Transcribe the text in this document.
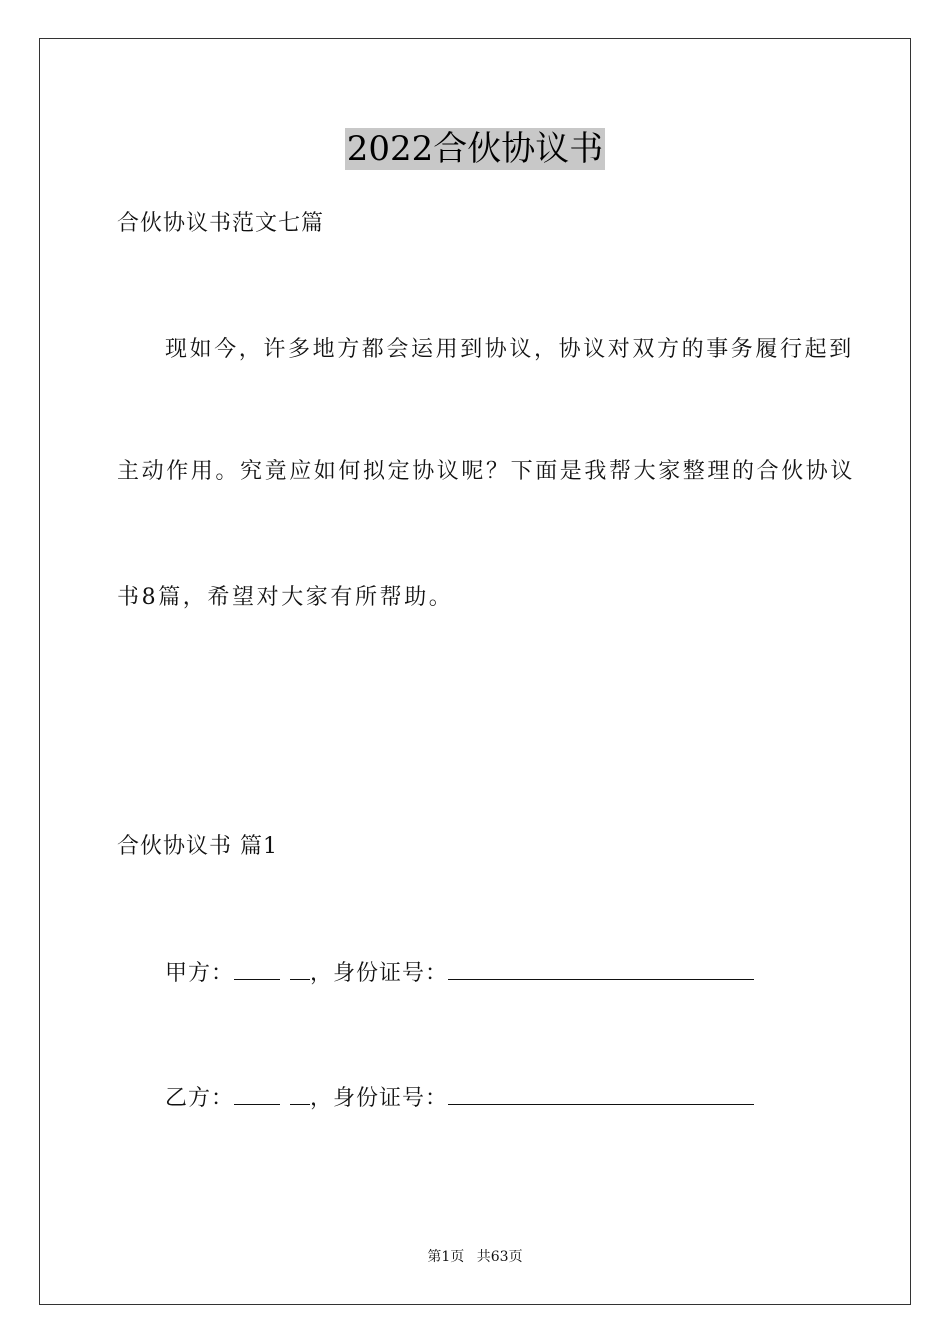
2022合伙协议书
合伙协议书范文七篇
现如今，许多地方都会运用到协议，协议对双方的事务履行起到
主动作用。究竟应如何拟定协议呢？下面是我帮大家整理的合伙协议
书8篇，希望对大家有所帮助。
合伙协议书 篇1
甲方：	，身份证号：
乙方：	，身份证号：
第1页 共63页
